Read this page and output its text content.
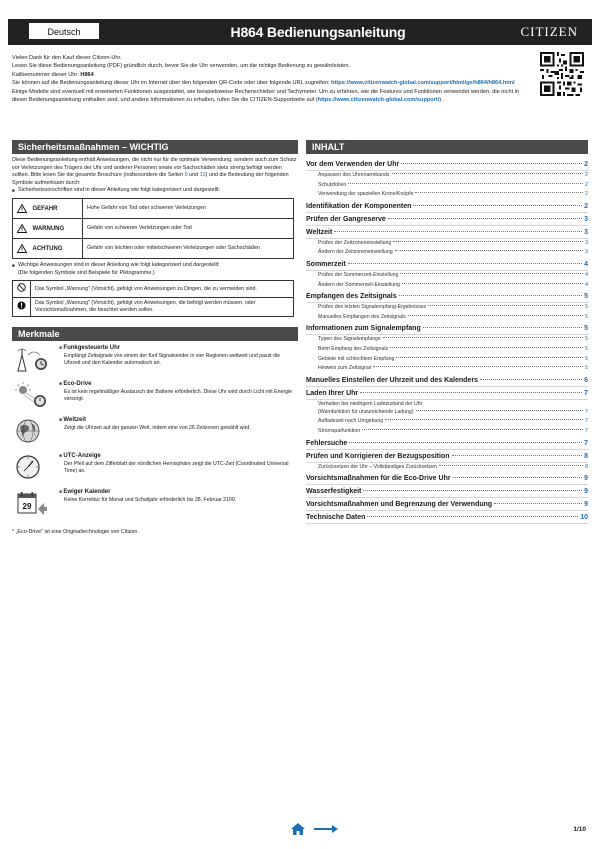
Deutsch	H864 Bedienungsanleitung	CITIZEN

Vielen Dank für den Kauf dieser Citizen-Uhr.

Lesen Sie diese Bedienungsanleitung (PDF) gründlich durch, bevor Sie die Uhr verwenden, um die richtige Bedienung zu gewährleisten.

Kalibernummer dieser Uhr: H864

Sie können auf die Bedienungsanleitung dieser Uhr im Internet über den folgenden QR-Code oder über folgende URL zugreifen: https://www.citizenwatch-global.com/support/html/ge/h864/h864.html

Einige Modelle sind eventuell mit erweiterten Funktionen ausgestattet, wie beispielsweise Rechenschieber und Tachymeter. Um zu erfahren, wie die Features und Funktionen verwendet werden, die nicht in dieser Bedienungsanleitung enthalten sind, und andere Informationen zu erhalten, rufen Sie die CITIZEN-Supportseite auf (https://www.citizenwatch-global.com/support/).

Sicherheitsmaßnahmen – WICHTIG
Diese Bedienungsanleitung enthält Anweisungen, die nicht nur für die optimale Verwendung, sondern auch zum Schutz vor Verletzungen des Trägers der Uhr und anderer Personen sowie vor Sachschäden stets streng befolgt werden sollten. Bitte lesen Sie die gesamte Broschüre (insbesondere die Seiten 9 und 10) und die Bedeutung der folgenden Symbole aufmerksam durch:
■ Sicherheitsvorschriften sind in dieser Anleitung wie folgt kategorisiert und dargestellt:
GEFAHR	Hohe Gefahr von Tod oder schweren Verletzungen
WARNUNG	Gefahr von schweren Verletzungen oder Tod
ACHTUNG	Gefahr von leichten oder mittelschweren Verletzungen oder Sachschäden
■ Wichtige Anweisungen sind in dieser Anleitung wie folgt kategorisiert und dargestellt:
(Die folgenden Symbole sind Beispiele für Piktogramme.)
	Das Symbol „Warnung" (Vorsicht), gefolgt von Anweisungen zu Dingen, die zu vermeiden sind.
	Das Symbol „Warnung" (Vorsicht), gefolgt von Anweisungen, die befolgt werden müssen, oder Vorsichtsmaßnahmen, die beachtet werden sollen.
Merkmale
■ Funkgesteuerte Uhr
Empfängt Zeitsignale von einem der fünf Signalsender in vier Regionen weltweit und passt die Uhrzeit und den Kalender automatisch an.
■ Eco-Drive
Es ist kein regelmäßiger Austausch der Batterie erforderlich. Diese Uhr wird durch Licht mit Energie versorgt.
■ Weltzeit
Zeigt die Uhrzeit auf der ganzen Welt, indem eine von 26 Zeitzonen gewählt wird.
■ UTC-Anzeige
Der Pfeil auf dem Zifferblatt der nördlichen Hemisphäre zeigt die UTC-Zeit (Coordinated Universal Time) an.
29
■ Ewiger Kalender
Keine Korrektur für Monat und Schaltjahr erforderlich bis 28. Februar 2100.
* „Eco-Drive" ist eine Originaltechnologie von Citizen.
INHALT
Vor dem Verwenden der Uhr	2
Anpassen des Uhrenarmbands	2
Schutzfolien	2
Verwendung der speziellen Krone/Knöpfe	2
Identifikation der Komponenten	2
Prüfen der Gangreserve	3
Weltzeit	3
Prüfen der Zeitzoneneinstellung	3
Ändern der Zeitzoneneinstellung	3
Sommerzeit	4
Prüfen der Sommerzeit-Einstellung	4
Ändern der Sommerzeit-Einstellung	4
Empfangen des Zeitsignals	5
Prüfen des letzten Signalempfang-Ergebnisses	5
Manuelles Empfangen des Zeitsignals	5
Informationen zum Signalempfang	5
Typen des Signalempfangs	5
Beim Empfang des Zeitsignals	5
Gebiete mit schlechtem Empfang	5
Hinweis zum Zeitsignal	5
Manuelles Einstellen der Uhrzeit und des Kalenders	6
Laden Ihrer Uhr	7
Verhalten bei niedrigem Ladezustand der Uhr
(Warnfunktion für unzureichende Ladung)	7
Aufladezeit nach Umgebung	7
Stromsparfunktion	7
Fehlersuche	7
Prüfen und Korrigieren der Bezugsposition	8
Zurücksetzen der Uhr – Vollständiges Zurücksetzen	8
Vorsichtsmaßnahmen für die Eco-Drive Uhr	9
Wasserfestigkeit	9
Vorsichtsmaßnahmen und Begrenzung der Verwendung	9
Technische Daten	10
1/10
